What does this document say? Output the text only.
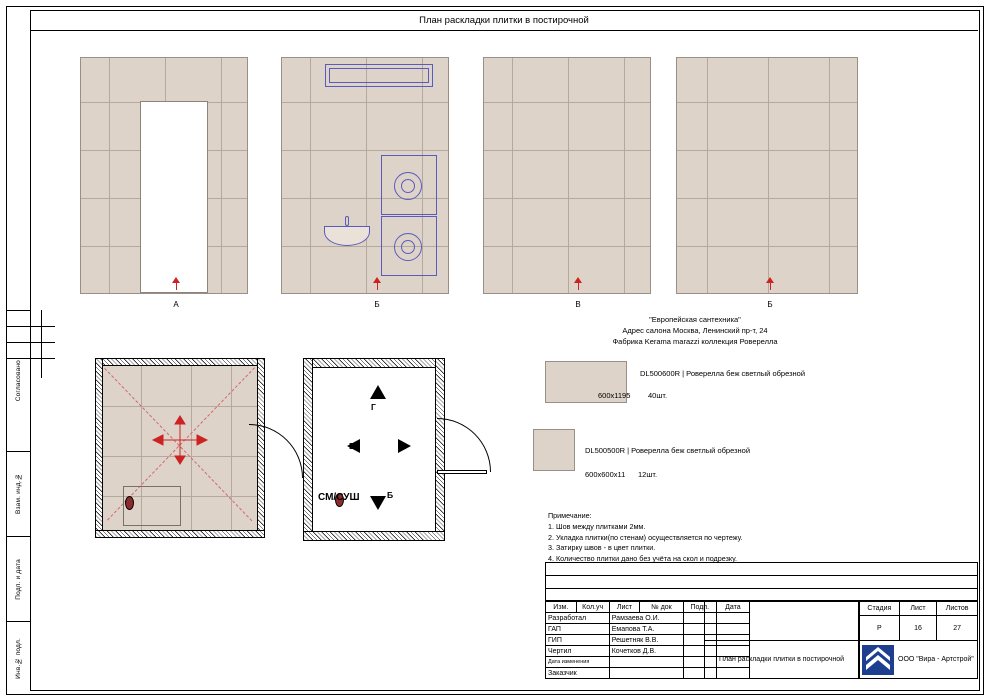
План раскладки плитки в постирочной
Согласовано
Взам. инд.№
Подп. и дата
Инв.№ подл.
А	Б	В	Б
Г
В	А
Б
СМ/СУШ
"Европейская сантехника"
Адрес салона Москва, Ленинский пр-т, 24
Фабрика Kerama marazzi коллекция Роверелла
DL500600R | Роверелла беж светлый обрезной
600х1195 40шт.
DL500500R | Роверелла беж светлый обрезной
600х600х11 12шт.
Примечание:
1. Шов между плитками 2мм.
2. Укладка плитки(по стенам) осуществляется по чертежу.
3. Затирку швов - в цвет плитки.
4. Количество плитки дано без учёта на скол и подрезку.
Изм.	Кол.уч	Лист	№ док	Подп.	Дата
Разработал		Рамзаева О.И.			
ГАП		Емапова Т.А.			
ГИП		Решетняк В.В.			
Чертил		Кочетков Д.В.			
Дата изменения					
Заказчик					
Стадия	Лист	Листов
Р	16	27
План раскладки плитки в постирочной	ООО "Вира - Артстрой"
